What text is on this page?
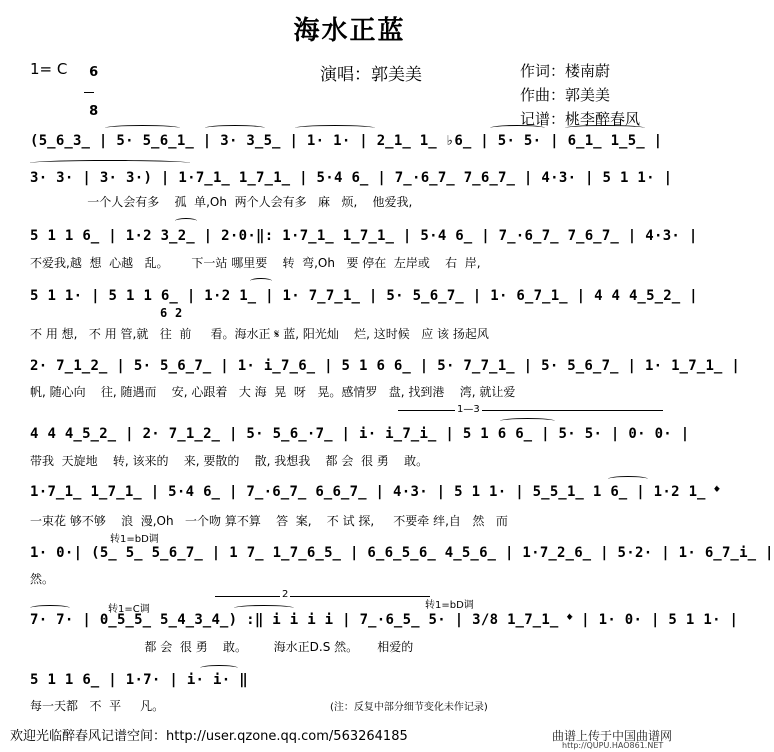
海水正蓝
1= C	6

8

演唱：郭美美	作词：楼南蔚
作曲：郭美美
记谱：桃李醉春风
(5̲6̲3̲ | 5· 5̲6̲1̲ | 3· 3̲5̲ | 1· 1· | 2̲1̲ 1̲ ♭6̲ | 5· 5· | 6̲1̲ 1̲5̲ |
3· 3· | 3· 3·) | 1·7̲1̲ 1̲7̲1̲ | 5·4 6̲ | 7̲·6̲7̲ 7̲6̲7̲ | 4·3· | 5 1 1· |
一个人会有多    孤  单,Oh  两个人会有多   麻   烦,    他爱我,
5 1 1 6̲ | 1·2 3̲2̲ | 2·0·‖: 1·7̲1̲ 1̲7̲1̲ | 5·4 6̲ | 7̲·6̲7̲ 7̲6̲7̲ | 4·3· |
不爱我,越  想  心越   乱。      下一站 哪里要    转  弯,Oh   要 停在  左岸或    右  岸,
5 1 1· | 5 1 1 6̲ | 1·2 1̲ | 1· 7̲7̲1̲ | 5· 5̲6̲7̲ | 1· 6̲7̲1̲ | 4 4 4̲5̲2̲ |
6 2
不 用 想,   不 用 管,就   往  前     看。海水正 𝄋 蓝, 阳光灿    烂, 这时候   应 该 扬起风
2· 7̲1̲2̲ | 5· 5̲6̲7̲ | 1· i̲7̲6̲ | 5 1 6 6̲ | 5· 7̲7̲1̲ | 5· 5̲6̲7̲ | 1· 1̲7̲1̲ |
帆, 随心向    往, 随遇而    安, 心跟着   大 海  晃  呀   晃。感情罗   盘, 找到港    湾, 就让爱
1—3
4 4 4̲5̲2̲ | 2· 7̲1̲2̲ | 5· 5̲6̲·7̲ | i· i̲7̲i̲ | 5 1 6 6̲ | 5· 5· | 0· 0· |
带我  天旋地    转, 该来的    来, 要散的    散, 我想我    都 会  很 勇    敢。
1·7̲1̲ 1̲7̲1̲ | 5·4 6̲ | 7̲·6̲7̲ 6̲6̲7̲ | 4·3· | 5 1 1· | 5̲5̲1̲ 1 6̲ | 1·2 1̲ 𝄌
一束花 够不够    浪  漫,Oh   一个吻 算不算    答  案,    不 试 探,     不要牵 绊,自   然   而
转1=bD调
1· 0·| (5̲ 5̲ 5̲6̲7̲ | 1 7̲ 1̲7̲6̲5̲ | 6̲6̲5̲6̲ 4̲5̲6̲ | 1·7̲2̲6̲ | 5·2· | 1· 6̲7̲i̲ |
然。
2
转1=C调	转1=bD调
7· 7· | 0̲5̲5̲ 5̲4̲3̲4̲) :‖ i i i i | 7̲·6̲5̲ 5· | 3/8 1̲7̲1̲ 𝄌 | 1· 0· | 5 1 1· |
都 会  很 勇    敢。       海水正D.S 然。     相爱的
5 1 1 6̲ | 1·7· | i· i· ‖
每一天都   不  平     凡。	(注：反复中部分细节变化未作记录)
欢迎光临醉春风记谱空间：http://user.qzone.qq.com/563264185	曲谱上传于中国曲谱网
http://QUPU.HAO861.NET
